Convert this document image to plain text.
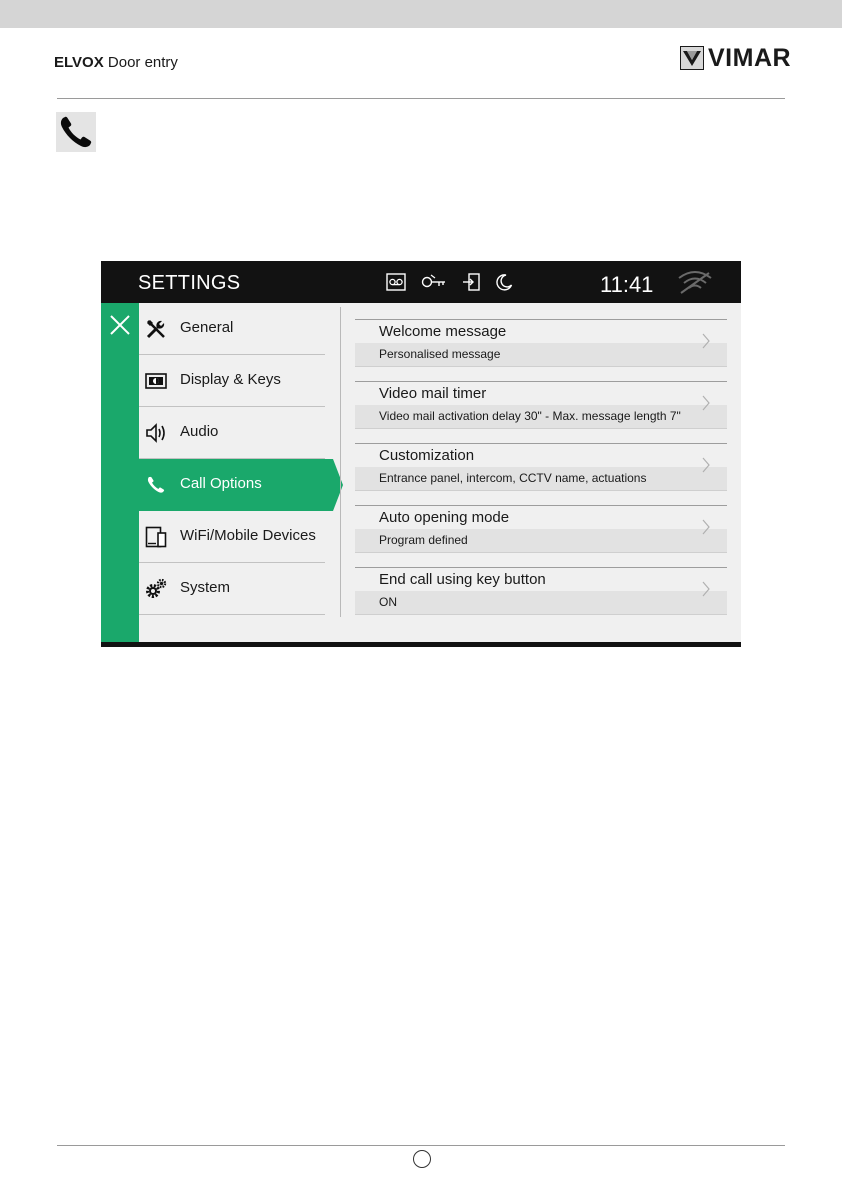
ELVOX Door entry	VIMAR
SETTINGS	11:41
General
Display & Keys
Audio
Call Options
WiFi/Mobile Devices
System
Welcome message
Personalised message
Video mail timer
Video mail activation delay 30" - Max. message length 7"
Customization
Entrance panel, intercom, CCTV name, actuations
Auto opening mode
Program defined
End call using key button
ON
